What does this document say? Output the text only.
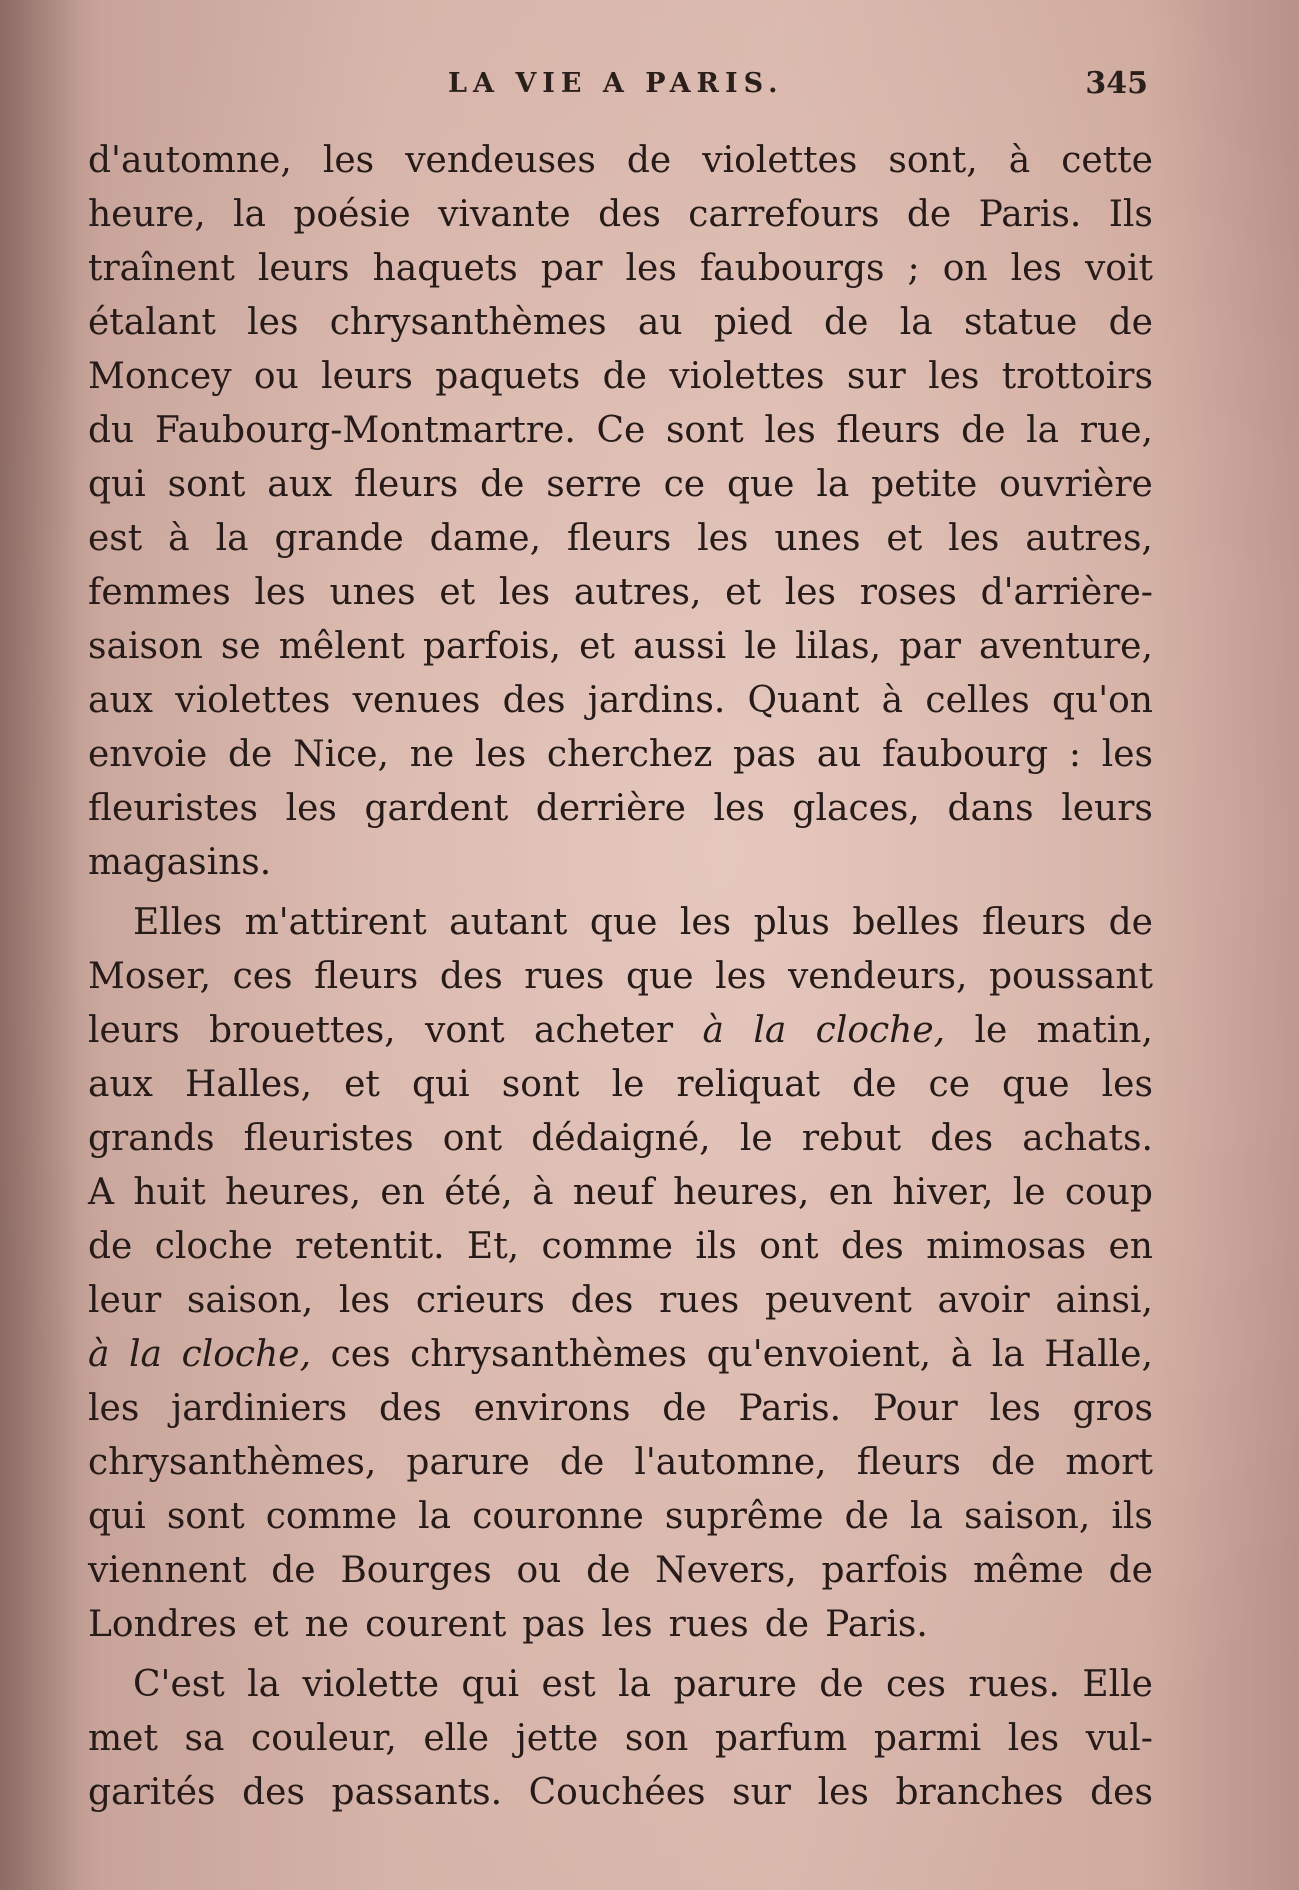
LA VIE A PARIS.	345
d'automne, les vendeuses de violettes sont, à cette
heure, la poésie vivante des carrefours de Paris. Ils
traînent leurs haquets par les faubourgs ; on les voit
étalant les chrysanthèmes au pied de la statue de
Moncey ou leurs paquets de violettes sur les trottoirs
du Faubourg-Montmartre. Ce sont les fleurs de la rue,
qui sont aux fleurs de serre ce que la petite ouvrière
est à la grande dame, fleurs les unes et les autres,
femmes les unes et les autres, et les roses d'arrière-
saison se mêlent parfois, et aussi le lilas, par aventure,
aux violettes venues des jardins. Quant à celles qu'on
envoie de Nice, ne les cherchez pas au faubourg : les
fleuristes les gardent derrière les glaces, dans leurs
magasins.
Elles m'attirent autant que les plus belles fleurs de
Moser, ces fleurs des rues que les vendeurs, poussant
leurs brouettes, vont acheter à la cloche, le matin,
aux Halles, et qui sont le reliquat de ce que les
grands fleuristes ont dédaigné, le rebut des achats.
A huit heures, en été, à neuf heures, en hiver, le coup
de cloche retentit. Et, comme ils ont des mimosas en
leur saison, les crieurs des rues peuvent avoir ainsi,
à la cloche, ces chrysanthèmes qu'envoient, à la Halle,
les jardiniers des environs de Paris. Pour les gros
chrysanthèmes, parure de l'automne, fleurs de mort
qui sont comme la couronne suprême de la saison, ils
viennent de Bourges ou de Nevers, parfois même de
Londres et ne courent pas les rues de Paris.
C'est la violette qui est la parure de ces rues. Elle
met sa couleur, elle jette son parfum parmi les vul-
garités des passants. Couchées sur les branches des
